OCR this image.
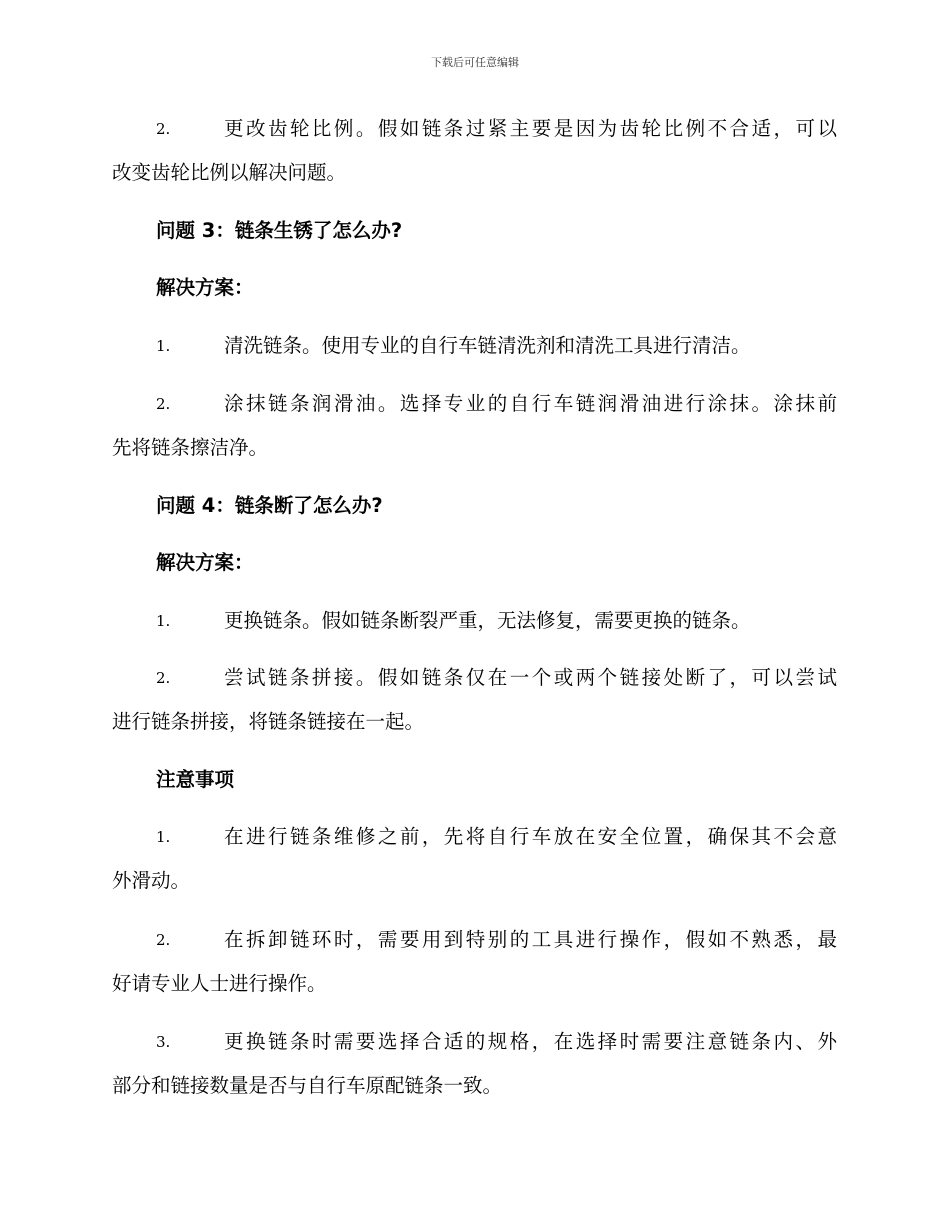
下载后可任意编辑
2.	更改齿轮比例。假如链条过紧主要是因为齿轮比例不合适，可以
改变齿轮比例以解决问题。
问题 3：链条生锈了怎么办?
解决方案：
1.	清洗链条。使用专业的自行车链清洗剂和清洗工具进行清洁。
2.	涂抹链条润滑油。选择专业的自行车链润滑油进行涂抹。涂抹前
先将链条擦洁净。
问题 4：链条断了怎么办?
解决方案：
1.	更换链条。假如链条断裂严重，无法修复，需要更换的链条。
2.	尝试链条拼接。假如链条仅在一个或两个链接处断了，可以尝试
进行链条拼接，将链条链接在一起。
注意事项
1.	在进行链条维修之前，先将自行车放在安全位置，确保其不会意
外滑动。
2.	在拆卸链环时，需要用到特别的工具进行操作，假如不熟悉，最
好请专业人士进行操作。
3.	更换链条时需要选择合适的规格，在选择时需要注意链条内、外
部分和链接数量是否与自行车原配链条一致。
